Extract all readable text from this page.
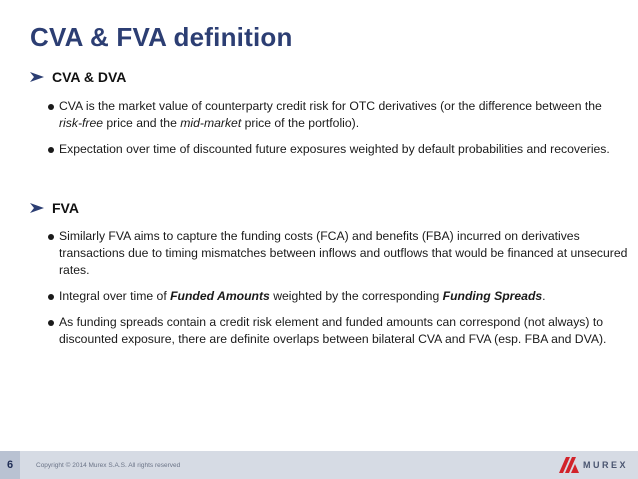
CVA & FVA definition
CVA & DVA
CVA is the market value of counterparty credit risk for OTC derivatives (or the difference between the risk-free price and the mid-market price of the portfolio).
Expectation over time of discounted future exposures weighted by default probabilities and recoveries.
FVA
Similarly FVA aims to capture the funding costs (FCA) and benefits (FBA) incurred on derivatives transactions due to timing mismatches between inflows and outflows that would be financed at unsecured rates.
Integral over time of Funded Amounts weighted by the corresponding Funding Spreads.
As funding spreads contain a credit risk element and funded amounts can correspond (not always) to discounted exposure, there are definite overlaps between bilateral CVA and FVA (esp. FBA and DVA).
6	Copyright © 2014 Murex S.A.S. All rights reserved	MUREX
